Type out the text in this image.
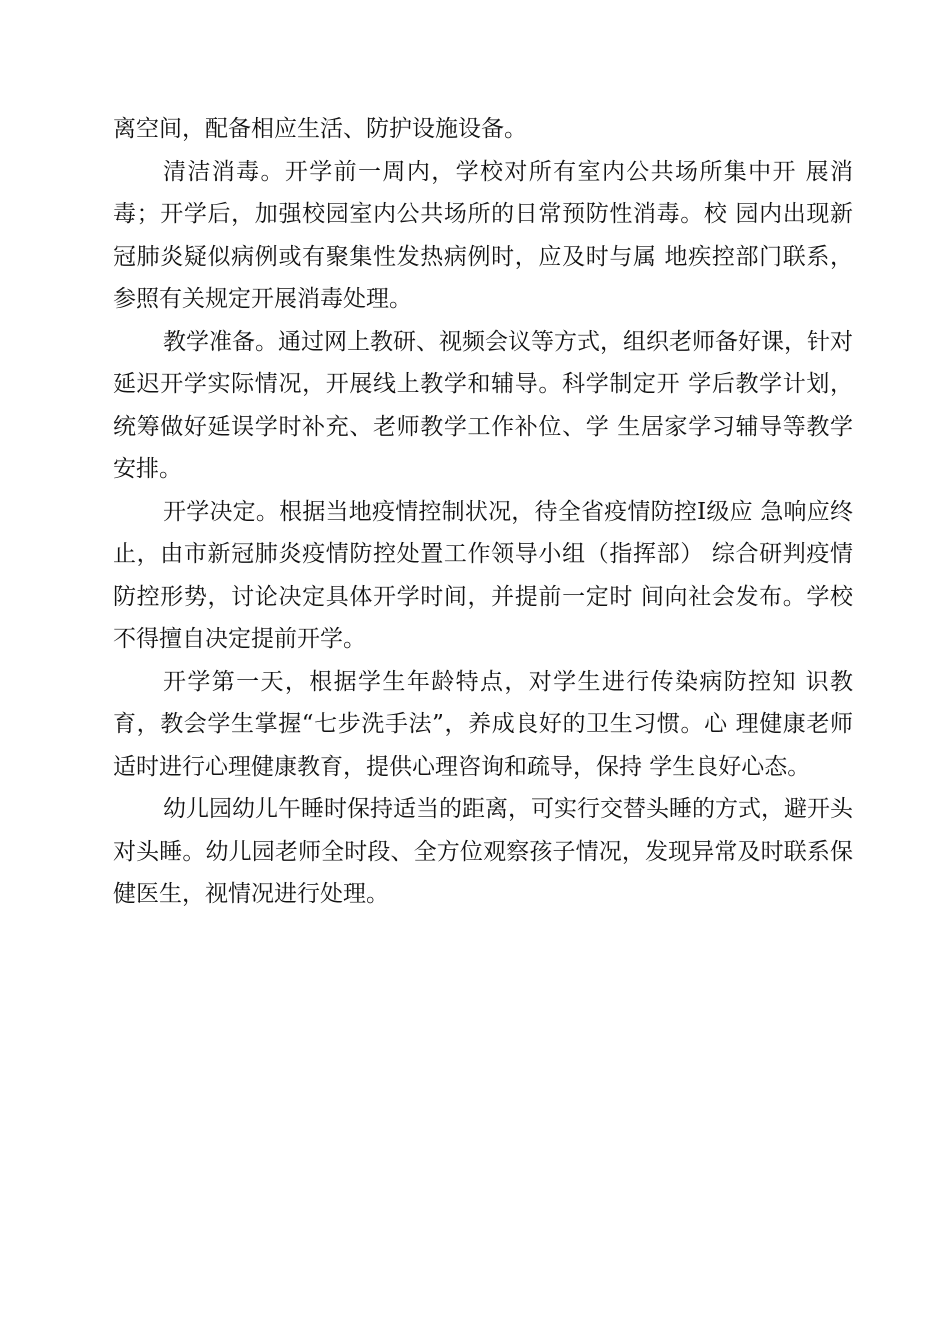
离空间，配备相应生活、防护设施设备。

清洁消毒。开学前一周内，学校对所有室内公共场所集中开 展消毒；开学后，加强校园室内公共场所的日常预防性消毒。校 园内出现新冠肺炎疑似病例或有聚集性发热病例时，应及时与属 地疾控部门联系，参照有关规定开展消毒处理。

教学准备。通过网上教研、视频会议等方式，组织老师备好课，针对延迟开学实际情况，开展线上教学和辅导。科学制定开 学后教学计划，统筹做好延误学时补充、老师教学工作补位、学 生居家学习辅导等教学安排。

开学决定。根据当地疫情控制状况，待全省疫情防控Ⅰ级应 急响应终止，由市新冠肺炎疫情防控处置工作领导小组（指挥部） 综合研判疫情防控形势，讨论决定具体开学时间，并提前一定时 间向社会发布。学校不得擅自决定提前开学。

开学第一天，根据学生年龄特点，对学生进行传染病防控知 识教育，教会学生掌握“七步洗手法”，养成良好的卫生习惯。心 理健康老师适时进行心理健康教育，提供心理咨询和疏导，保持 学生良好心态。

幼儿园幼儿午睡时保持适当的距离，可实行交替头睡的方式，避开头对头睡。幼儿园老师全时段、全方位观察孩子情况，发现异常及时联系保健医生，视情况进行处理。
